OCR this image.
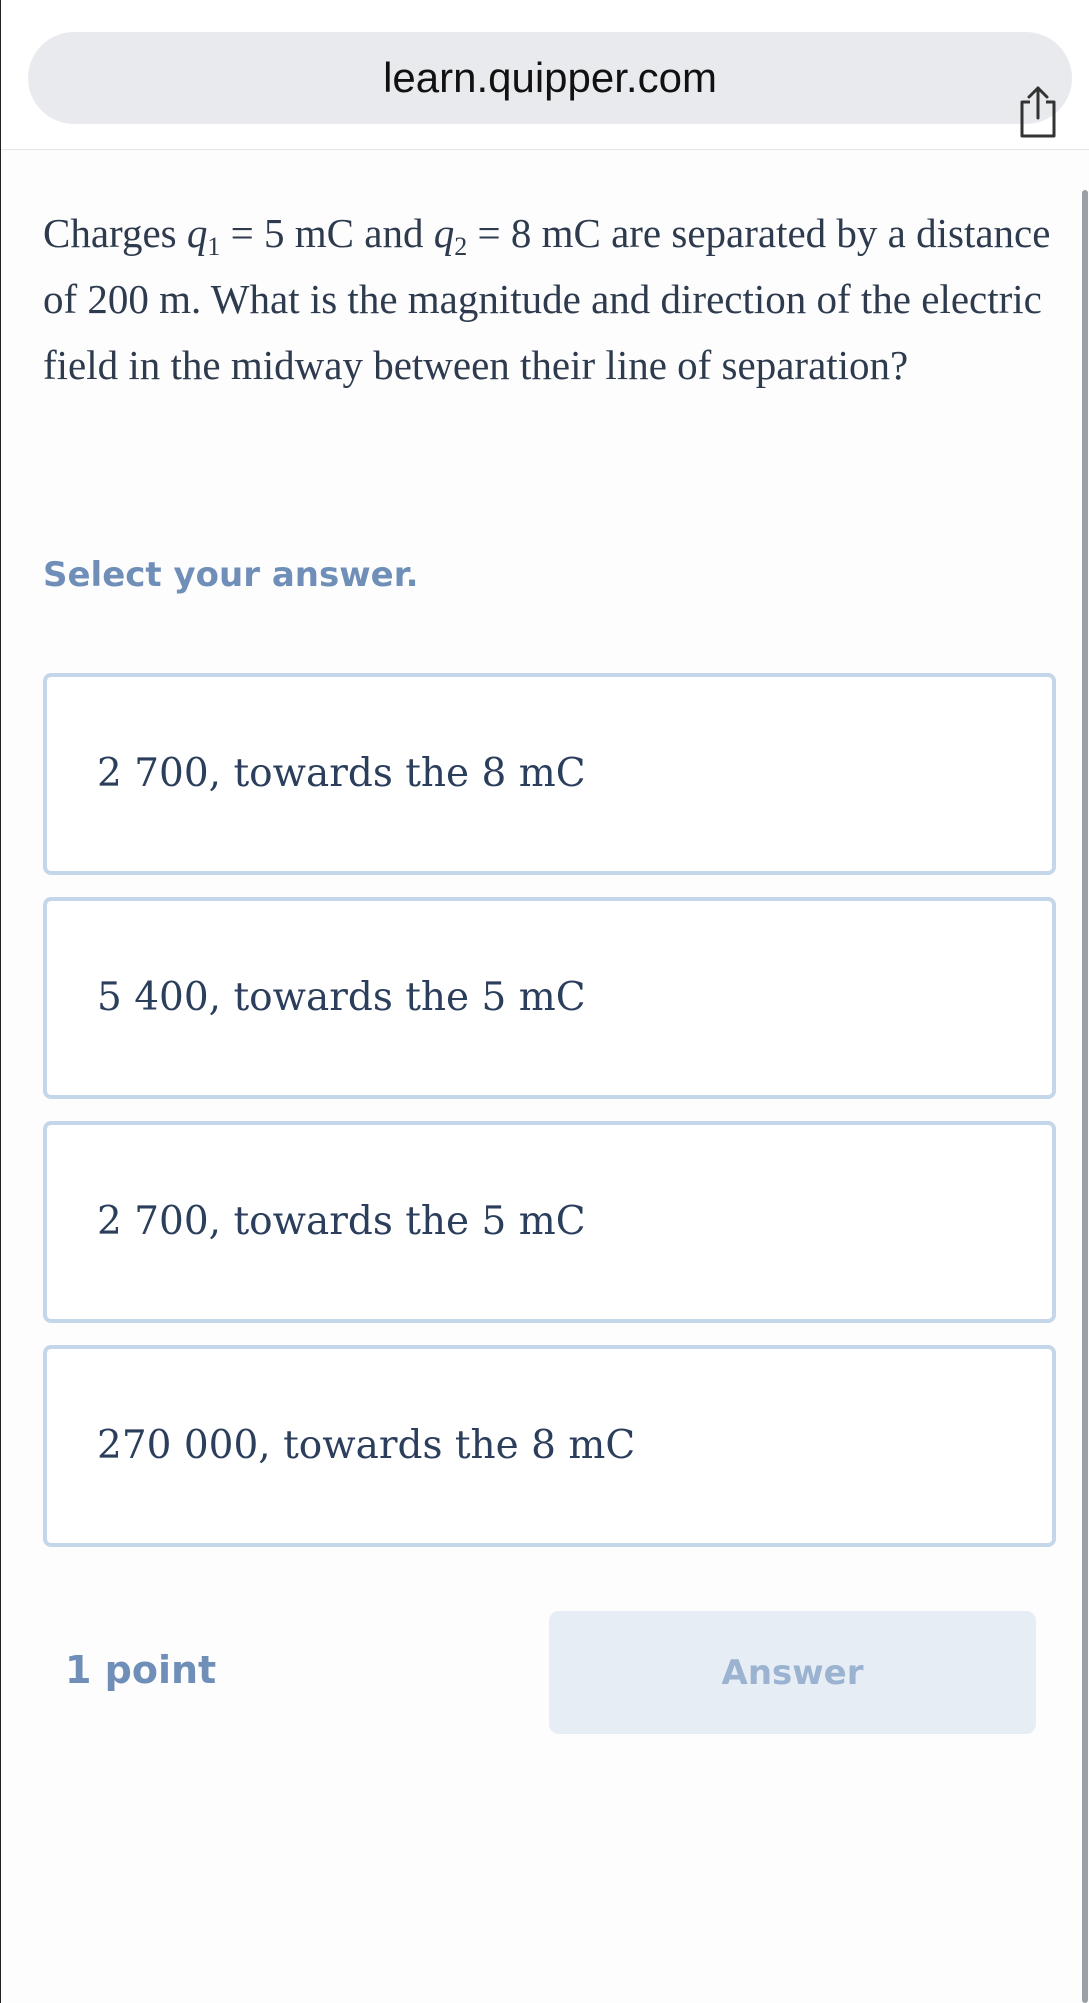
learn.quipper.com
Charges $q_1 = 5$ mC and $q_2 = 8$ mC are separated by a distance of 200 m. What is the magnitude and direction of the electric field in the midway between their line of separation?
Select your answer.
2 700, towards the 8 mC
5 400, towards the 5 mC
2 700, towards the 5 mC
270 000, towards the 8 mC
1 point	Answer
